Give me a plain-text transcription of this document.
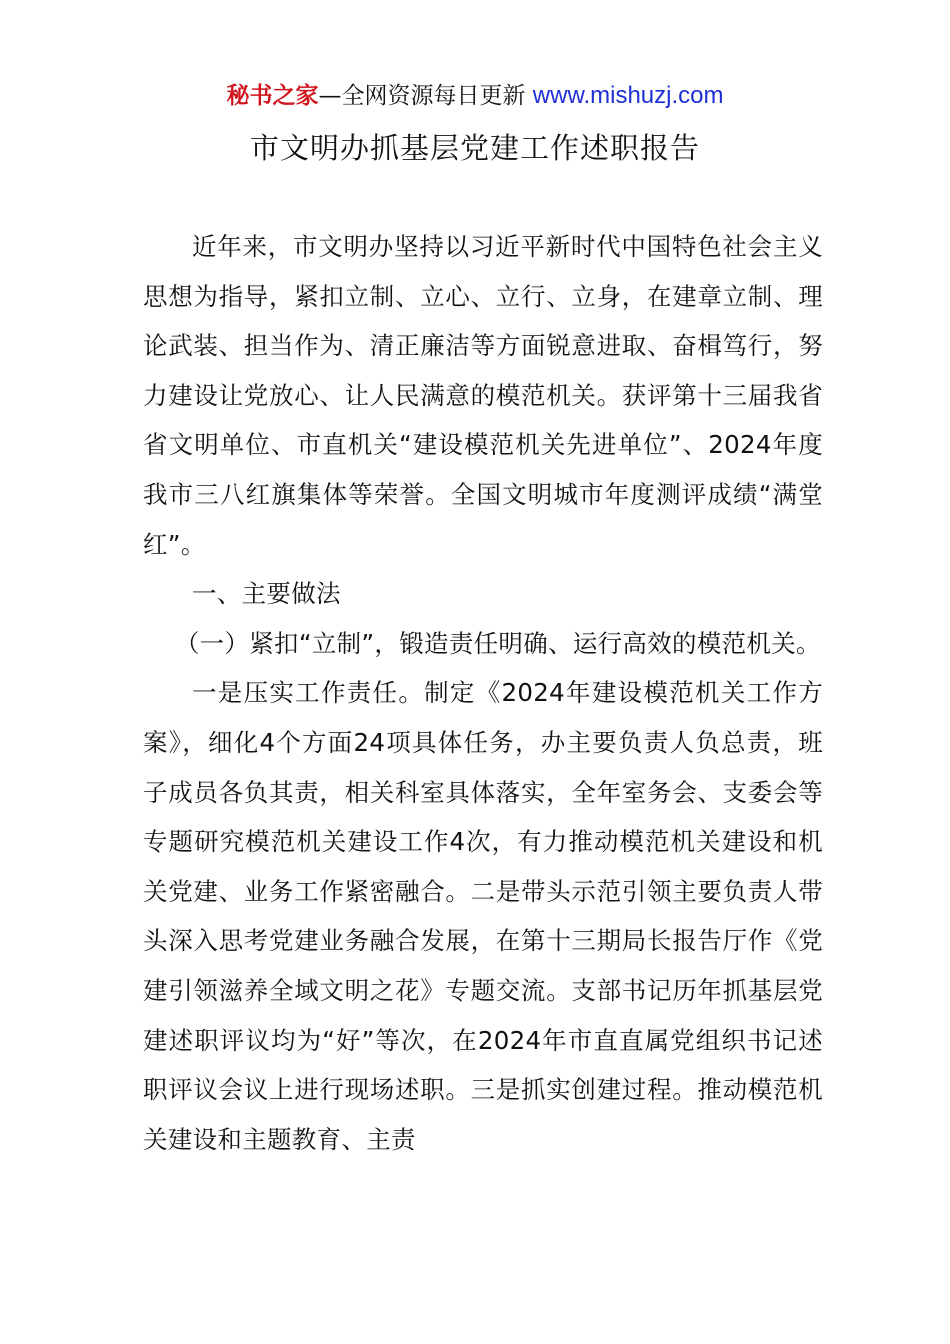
秘书之家—全网资源每日更新 www.mishuzj.com
市文明办抓基层党建工作述职报告

近年来，市文明办坚持以习近平新时代中国特色社会主义思想为指导，紧扣立制、立心、立行、立身，在建章立制、理论武装、担当作为、清正廉洁等方面锐意进取、奋楫笃行，努力建设让党放心、让人民满意的模范机关。获评第十三届我省省文明单位、市直机关“建设模范机关先进单位”、2024年度我市三八红旗集体等荣誉。全国文明城市年度测评成绩“满堂红”。

一、主要做法

（一）紧扣“立制”，锻造责任明确、运行高效的模范机关。

一是压实工作责任。制定《2024年建设模范机关工作方案》，细化4个方面24项具体任务，办主要负责人负总责，班子成员各负其责，相关科室具体落实，全年室务会、支委会等专题研究模范机关建设工作4次，有力推动模范机关建设和机关党建、业务工作紧密融合。二是带头示范引领主要负责人带头深入思考党建业务融合发展，在第十三期局长报告厅作《党建引领滋养全域文明之花》专题交流。支部书记历年抓基层党建述职评议均为“好”等次，在2024年市直直属党组织书记述职评议会议上进行现场述职。三是抓实创建过程。推动模范机关建设和主题教育、主责
